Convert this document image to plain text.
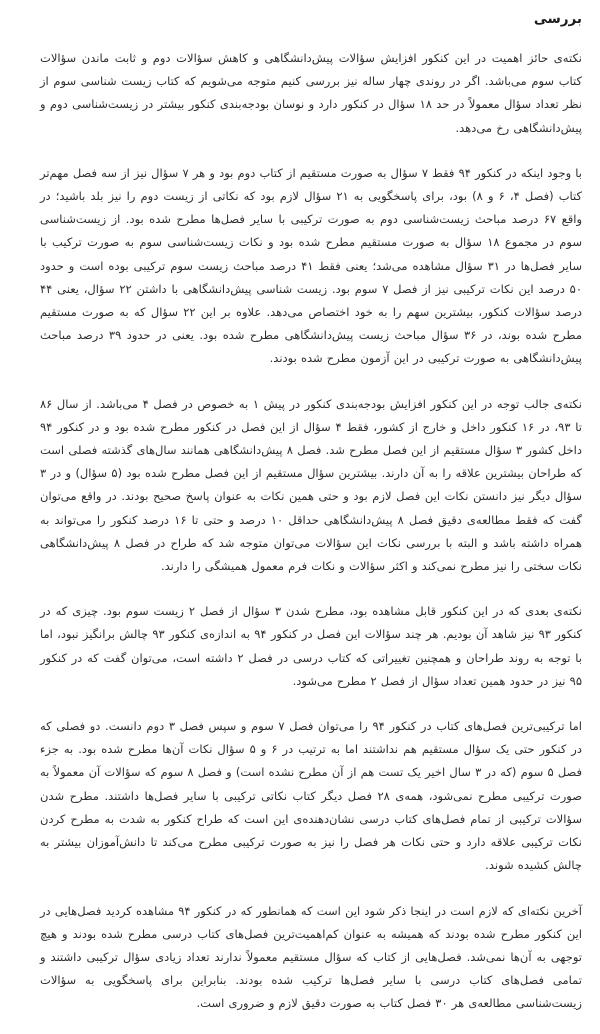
بررسی

نکته‌ی حائز اهمیت در این کنکور افزایش سؤالات پیش‌دانشگاهی و کاهش سؤالات دوم و ثابت ماندن سؤالات کتاب سوم می‌باشد. اگر در روندی چهار ساله نیز بررسی کنیم متوجه می‌شویم که کتاب زیست شناسی سوم از نظر تعداد سؤال معمولاً در حد ۱۸ سؤال در کنکور دارد و نوسان بودجه‌بندی کنکور بیشتر در زیست‌شناسی دوم و پیش‌دانشگاهی رخ می‌دهد.

با وجود اینکه در کنکور ۹۴ فقط ۷ سؤال به صورت مستقیم از کتاب دوم بود و هر ۷ سؤال نیز از سه فصل مهم‌تر کتاب (فصل ۴، ۶ و ۸) بود، برای پاسخگویی به ۲۱ سؤال لازم بود که نکاتی از زیست دوم را نیز بلد باشید؛ در واقع ۶۷ درصد مباحث زیست‌شناسی دوم به صورت ترکیبی با سایر فصل‌ها مطرح شده بود. از زیست‌شناسی سوم در مجموع ۱۸ سؤال به صورت مستقیم مطرح شده بود و نکات زیست‌شناسی سوم به صورت ترکیب با سایر فصل‌ها در ۳۱ سؤال مشاهده می‌شد؛ یعنی فقط ۴۱ درصد مباحث زیست سوم ترکیبی بوده است و حدود ۵۰ درصد این نکات ترکیبی نیز از فصل ۷ سوم بود. زیست شناسی پیش‌دانشگاهی با داشتن ۲۲ سؤال، یعنی ۴۴ درصد سؤالات کنکور، بیشترین سهم را به خود اختصاص می‌دهد. علاوه بر این ۲۲ سؤال که به صورت مستقیم مطرح شده بوند، در ۳۶ سؤال مباحث زیست پیش‌دانشگاهی مطرح شده بود. یعنی در حدود ۳۹ درصد مباحث پیش‌دانشگاهی به صورت ترکیبی در این آزمون مطرح شده بودند.

نکته‌ی جالب توجه در این کنکور افزایش بودجه‌بندی کنکور در پیش ۱ به خصوص در فصل ۴ می‌باشد. از سال ۸۶ تا ۹۳، در ۱۶ کنکور داخل و خارج از کشور، فقط ۴ سؤال از این فصل در کنکور مطرح شده بود و در کنکور ۹۴ داخل کشور ۳ سؤال مستقیم از این فصل مطرح شد. فصل ۸ پیش‌دانشگاهی همانند سال‌های گذشته فصلی است که طراحان بیشترین علاقه را به آن دارند. بیشترین سؤال مستقیم از این فصل مطرح شده بود (۵ سؤال) و در ۳ سؤال دیگر نیز دانستن نکات این فصل لازم بود و حتی همین نکات به عنوان پاسخ صحیح بودند. در واقع می‌توان گفت که فقط مطالعه‌ی دقیق فصل ۸ پیش‌دانشگاهی حداقل ۱۰ درصد و حتی تا ۱۶ درصد کنکور را می‌تواند به همراه داشته باشد و البته با بررسی نکات این سؤالات می‌توان متوجه شد که طراح در فصل ۸ پیش‌دانشگاهی نکات سختی را نیز مطرح نمی‌کند و اکثر سؤالات و نکات فرم معمول همیشگی را دارند.

نکته‌ی بعدی که در این کنکور قابل مشاهده بود، مطرح شدن ۳ سؤال از فصل ۲ زیست سوم بود. چیزی که در کنکور ۹۳ نیز شاهد آن بودیم. هر چند سؤالات این فصل در کنکور ۹۴ به اندازه‌ی کنکور ۹۳ چالش برانگیز نبود، اما با توجه به روند طراحان و همچنین تغییراتی که کتاب درسی در فصل ۲ داشته است، می‌توان گفت که در کنکور ۹۵ نیز در حدود همین تعداد سؤال از فصل ۲ مطرح می‌شود.

اما ترکیبی‌ترین فصل‌های کتاب در کنکور ۹۴ را می‌توان فصل ۷ سوم و سپس فصل ۳ دوم دانست. دو فصلی که در کنکور حتی یک سؤال مستقیم هم نداشتند اما به ترتیب در ۶ و ۵ سؤال نکات آن‌ها مطرح شده بود. به جزء فصل ۵ سوم (که در ۳ سال اخیر یک تست هم از آن مطرح نشده است) و فصل ۸ سوم که سؤالات آن معمولاً به صورت ترکیبی مطرح نمی‌شود، همه‌ی ۲۸ فصل دیگر کتاب نکاتی ترکیبی با سایر فصل‌ها داشتند. مطرح شدن سؤالات ترکیبی از تمام فصل‌های کتاب درسی نشان‌دهنده‌ی این است که طراح کنکور به شدت به مطرح کردن نکات ترکیبی علاقه دارد و حتی نکات هر فصل را نیز به صورت ترکیبی مطرح می‌کند تا دانش‌آموزان بیشتر به چالش کشیده شوند.

آخرین نکته‌ای که لازم است در اینجا ذکر شود این است که همانطور که در کنکور ۹۴ مشاهده کردید فصل‌هایی در این کنکور مطرح شده بودند که همیشه به عنوان کم‌اهمیت‌ترین فصل‌های کتاب درسی مطرح شده بودند و هیچ توجهی به آن‌ها نمی‌شد. فصل‌هایی از کتاب که سؤال مستقیم معمولاً ندارند تعداد زیادی سؤال ترکیبی داشتند و تمامی فصل‌های کتاب درسی با سایر فصل‌ها ترکیب شده بودند. بنابراین برای پاسخگویی به سؤالات زیست‌شناسی مطالعه‌ی هر ۳۰ فصل کتاب به صورت دقیق لازم و ضروری است.
